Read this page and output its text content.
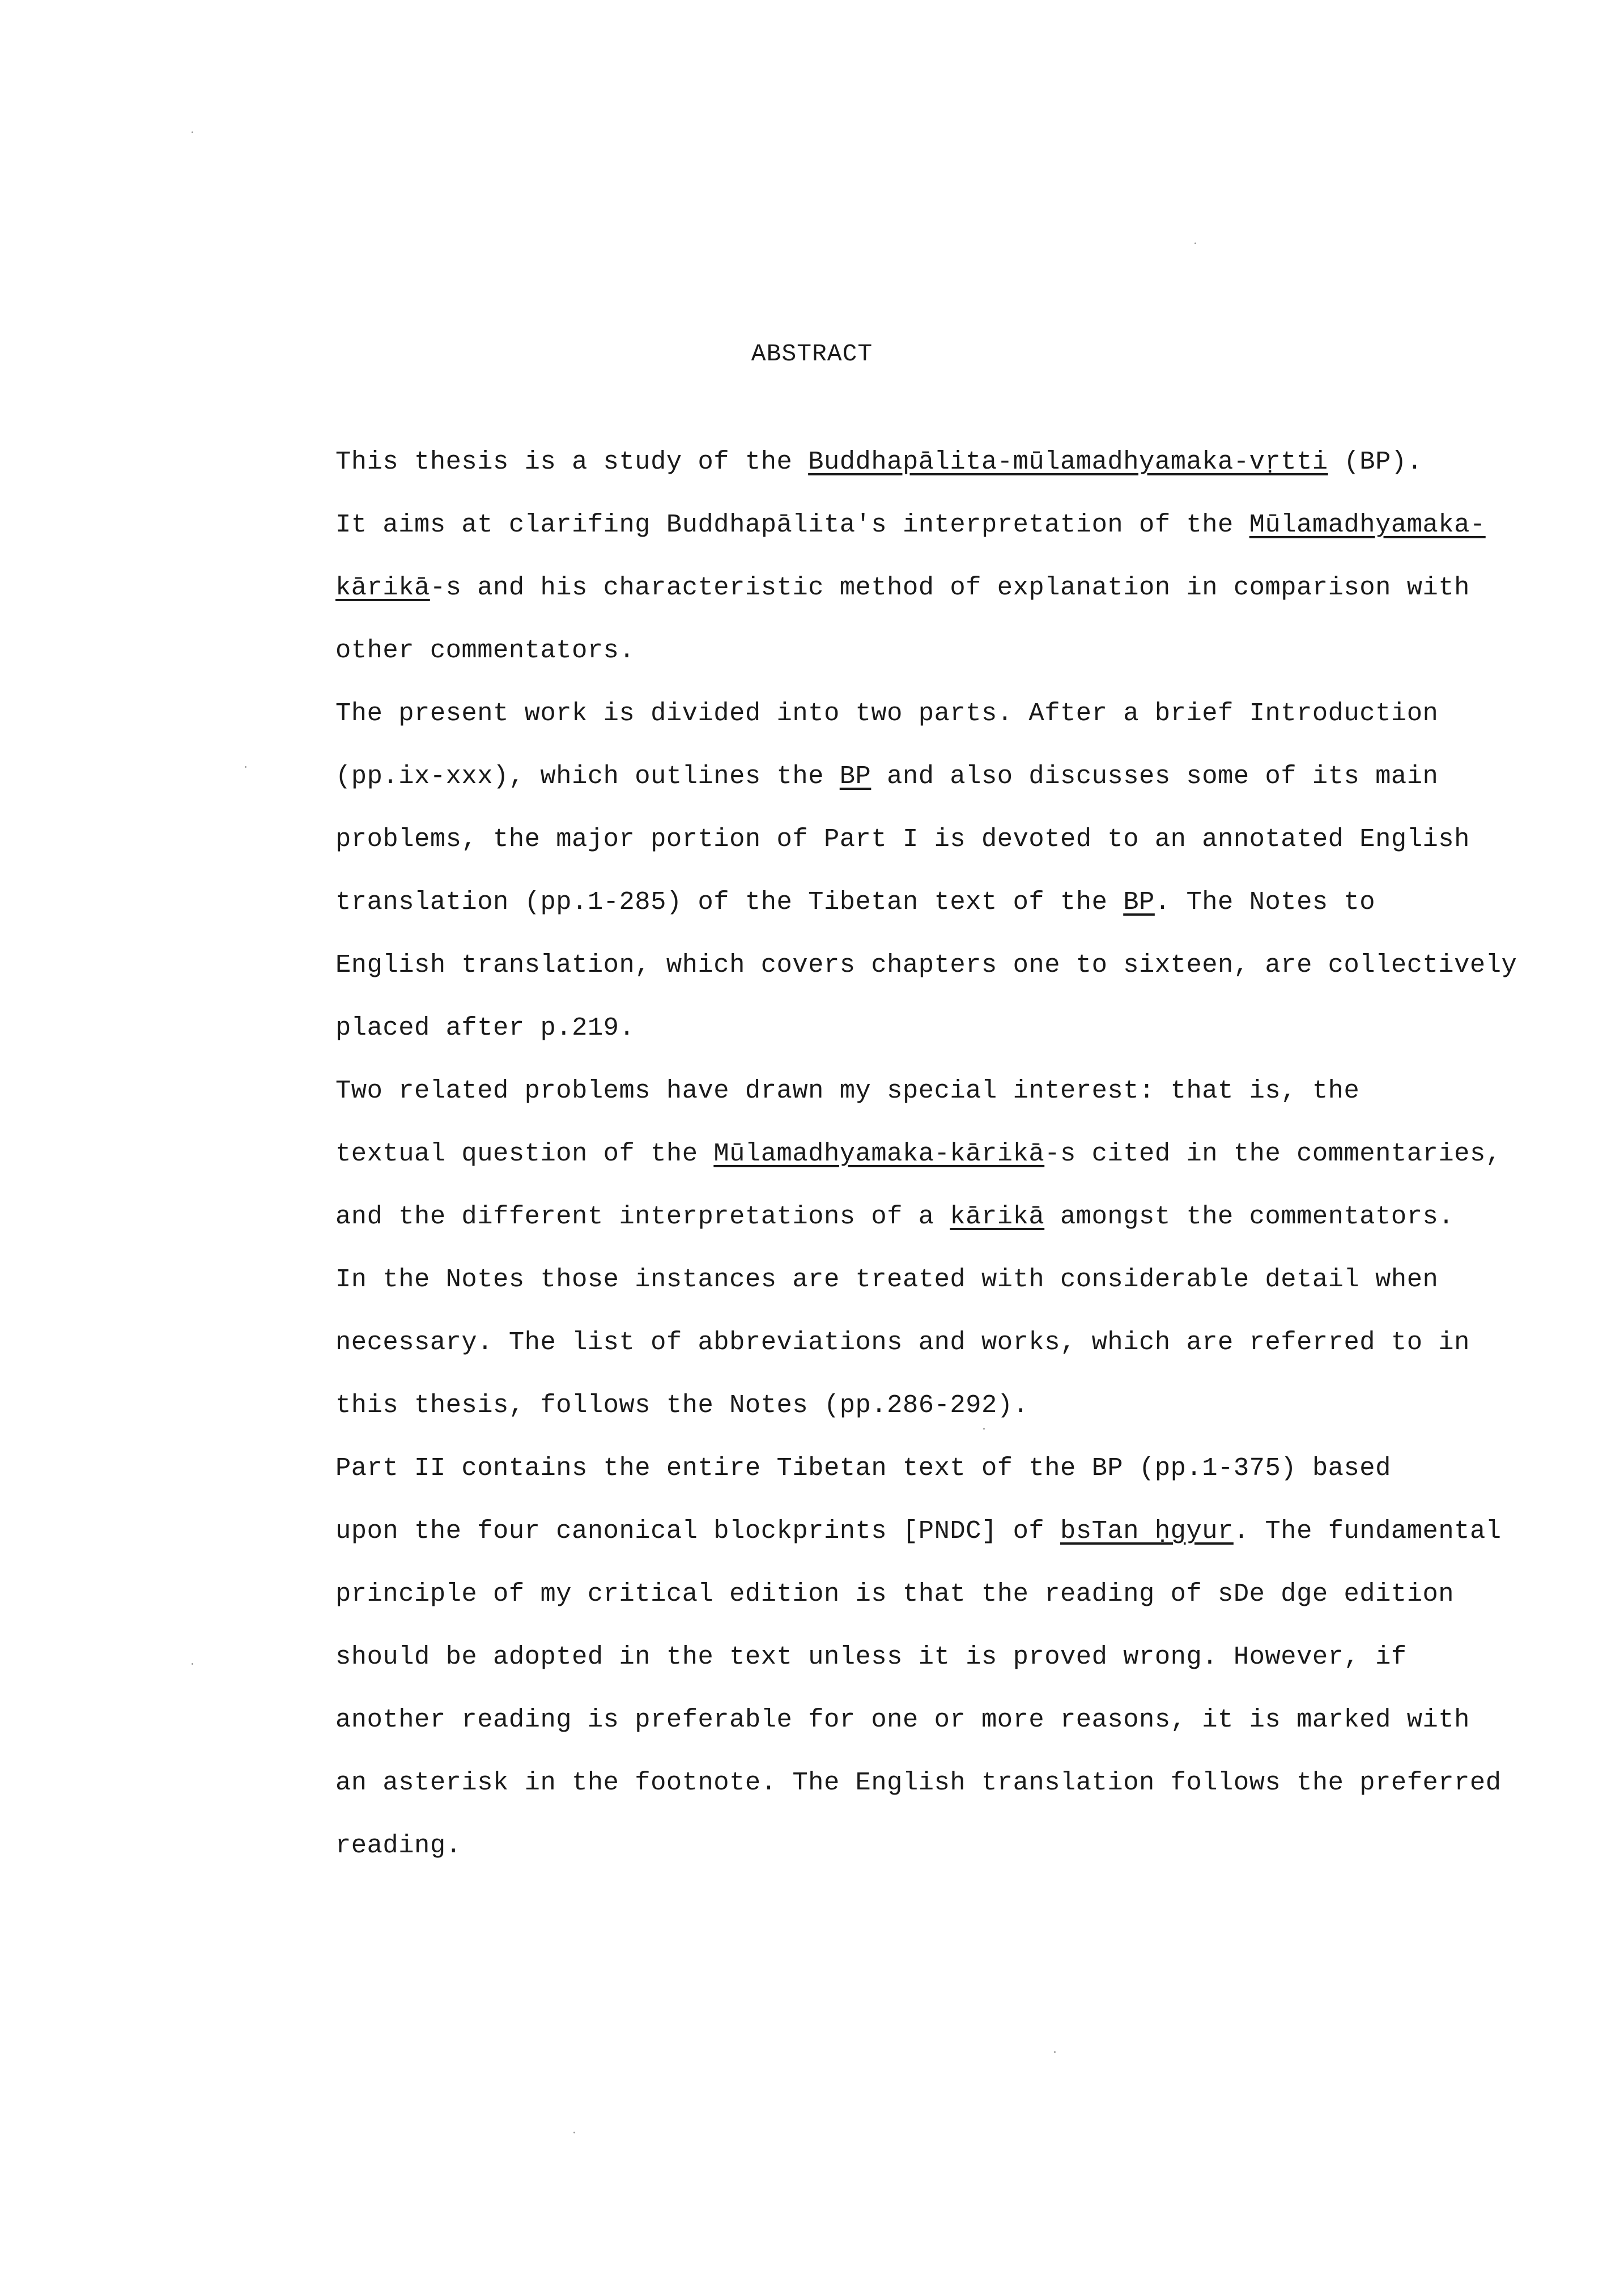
ABSTRACT

This thesis is a study of the Buddhapālita-mūlamadhyamaka-vṛtti (BP).
It aims at clarifing Buddhapālita's interpretation of the Mūlamadhyamaka-
kārikā-s and his characteristic method of explanation in comparison with
other commentators.

The present work is divided into two parts. After a brief Introduction
(pp.ix-xxx), which outlines the BP and also discusses some of its main
problems, the major portion of Part I is devoted to an annotated English
translation (pp.1-285) of the Tibetan text of the BP. The Notes to
English translation, which covers chapters one to sixteen, are collectively
placed after p.219.

Two related problems have drawn my special interest: that is, the
textual question of the Mūlamadhyamaka-kārikā-s cited in the commentaries,
and the different interpretations of a kārikā amongst the commentators.
In the Notes those instances are treated with considerable detail when
necessary. The list of abbreviations and works, which are referred to in
this thesis, follows the Notes (pp.286-292).

Part II contains the entire Tibetan text of the BP (pp.1-375) based
upon the four canonical blockprints [PNDC] of bsTan ḥgyur. The fundamental
principle of my critical edition is that the reading of sDe dge edition
should be adopted in the text unless it is proved wrong. However, if
another reading is preferable for one or more reasons, it is marked with
an asterisk in the footnote. The English translation follows the preferred
reading.
